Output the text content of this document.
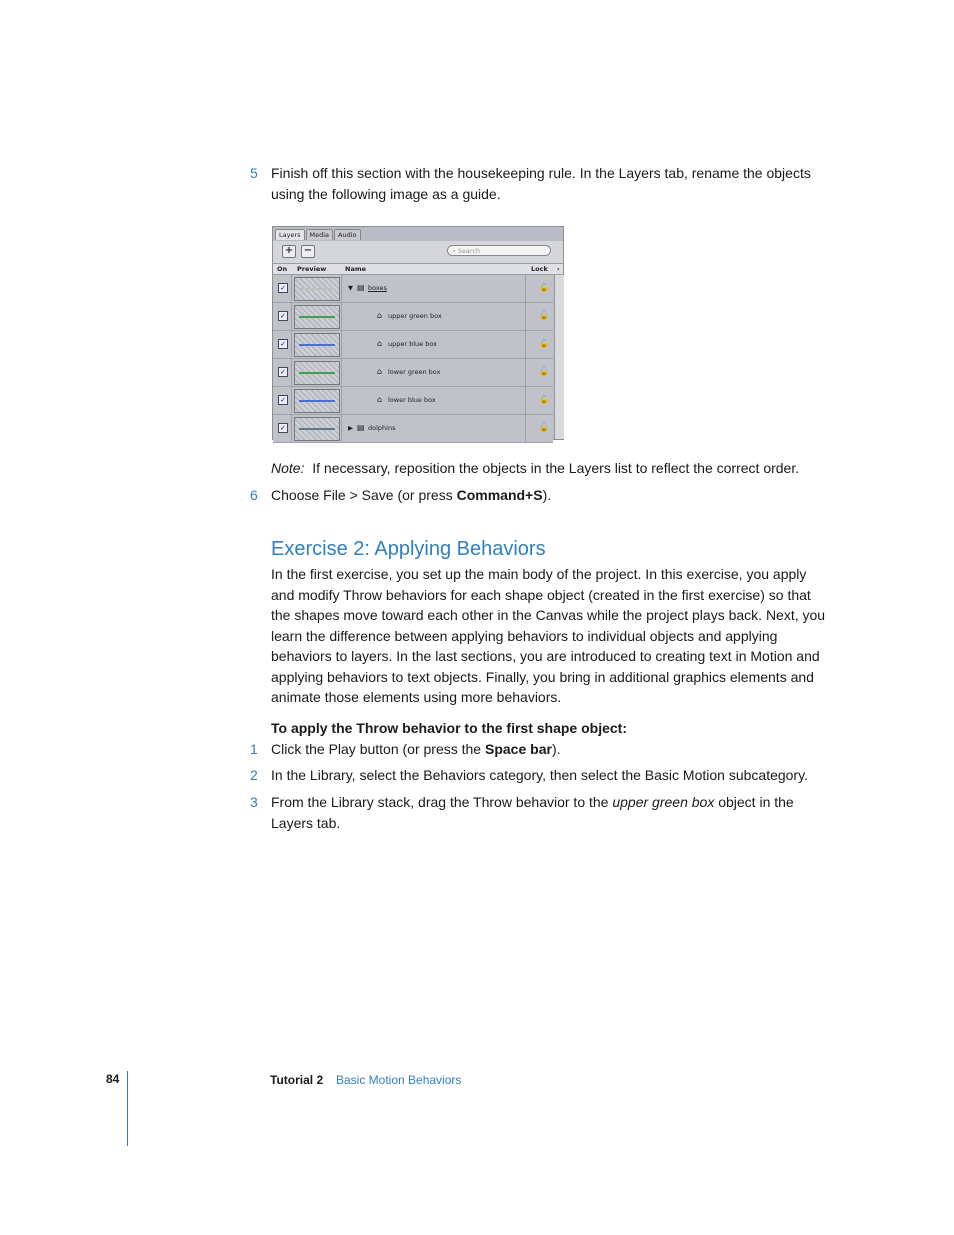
5 Finish off this section with the housekeeping rule. In the Layers tab, rename the objects using the following image as a guide.
Layers	Media	Audio
+ −	⌕ Search
On Preview	Name	Lock ›
✓	▼ ▤ boxes	🔓
✓	⌂ upper green box	🔓
✓	⌂ upper blue box	🔓
✓	⌂ lower green box	🔓
✓	⌂ lower blue box	🔓
✓	▶ ▤ dolphins	🔓
Note: If necessary, reposition the objects in the Layers list to reflect the correct order.
6 Choose File > Save (or press Command+S).
Exercise 2: Applying Behaviors
In the first exercise, you set up the main body of the project. In this exercise, you apply and modify Throw behaviors for each shape object (created in the first exercise) so that the shapes move toward each other in the Canvas while the project plays back. Next, you learn the difference between applying behaviors to individual objects and applying behaviors to layers. In the last sections, you are introduced to creating text in Motion and applying behaviors to text objects. Finally, you bring in additional graphics elements and animate those elements using more behaviors.
To apply the Throw behavior to the first shape object:
1 Click the Play button (or press the Space bar).
2 In the Library, select the Behaviors category, then select the Basic Motion subcategory.
3 From the Library stack, drag the Throw behavior to the upper green box object in the Layers tab.
84	Tutorial 2 Basic Motion Behaviors
